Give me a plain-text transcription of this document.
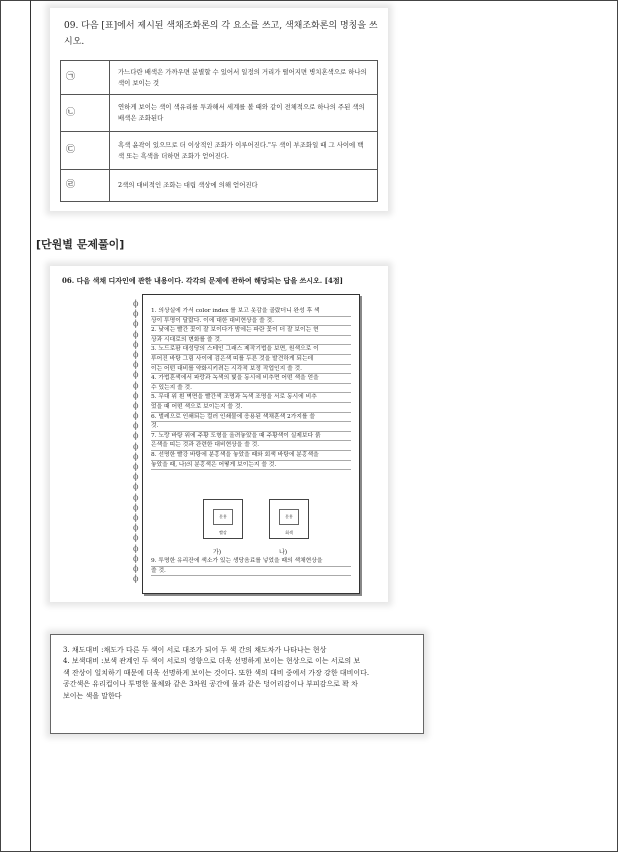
09. 다음 [표]에서 제시된 색채조화론의 각 요소를 쓰고, 색채조화론의 명칭을 쓰시오.
㉠	가느다란 배색은 가까우면 분별할 수 있어서 일정의 거리가 떨어지면 병치혼색으로 하나의 색이 보이는 것
㉡	연하게 보이는 색이 색유리를 투과해서 세계를 볼 때와 같이 전체적으로 하나의 주된 색의 배색은 조화된다
㉢	흑색 윤곽이 있으므로 더 이상적인 조화가 이루어진다."두 색이 부조화일 때 그 사이에 백색 또는 흑색을 더하면 조화가 얻어진다.
㉣	2색의 대비적인 조화는 대립 색상에 의해 얻어진다
[단원별 문제풀이]
06. 다음 색채 디자인에 관한 내용이다. 각각의 문제에 관하여 해당되는 답을 쓰시오. [4점]
ϕ
ϕ
ϕ
ϕ
ϕ
ϕ
ϕ
ϕ
ϕ
ϕ
ϕ
ϕ
ϕ
ϕ
ϕ
ϕ
ϕ
ϕ
ϕ
ϕ
ϕ
ϕ
ϕ
ϕ
ϕ
ϕ
ϕ
ϕ
1. 의상실에 가서 color index 를 보고 옷감을 골랐더니 완성 후 색
상이 투명이 달랐다. 이에 대한 대비현상을 쓸 것.
2. 낮에는 빨간 꽃이 잘 보이다가 밤에는 파란 꽃이 더 잘 보이는 현
상과 시대로의 변화를 쓸 것.
3. 노드로팜 대성당의 스테인 그래스 제작기법을 보면, 원색으로 이
루어진 바탕 그림 사이에 검은색 띠를 두른 것을 발견하게 되는데
이는 어떤 대비를 약화시키려는 시각적 보정 작업인지 쓸 것.
4. 가법혼색에서 파랑과 녹색의 빛을 동시에 비추면 어떤 색을 얻을
수 있는지 쓸 것.
5. 무대 위 흰 벽면을 빨간색 조명과 녹색 조명을 서로 동시에 비추
었을 때 어떤 색으로 보이는지 쓸 것.
6. 벌레으로 인쇄되는 컬러 인쇄물에 응용된 색채혼색 2가지를 쓸
것.
7. 노랑 바탕 위에 주황 도형을 올려놓았을 때 주황색이 실제보다 붉
은색을 띠는 것과 관련한 대비현상을 쓸 것.
8. 선명한 빨강 바탕에 분홍색을 놓았을 때와 회색 바탕에 분홍색을
놓았을 때, 나)의 분홍색은 어떻게 보이는지 쓸 것.
분홍
빨강
분홍
회색
가)	나)
9. 투명한 유리잔에 색소가 있는 생당음료를 넣었을 때의 색채현상을
쓸 것.
3. 채도대비 :채도가 다른 두 색이 서로 대조가 되어 두 색 간의 채도차가 나타나는 현상
4. 보색대비 :보색 관계인 두 색이 서로의 영향으로 더욱 선명하게 보이는 현상으로 이는 서로의 보
색 잔상이 일치하기 때문에 더욱 선명하게 보이는 것이다. 또한 색의 대비 중에서 가장 강한 대비이다.
공간색은 유리컵이나 투명한 물체와 같은 3차원 공간에 물과 같은 덩어리감이나 부피감으로 꽉 차
보이는 색을 말한다
